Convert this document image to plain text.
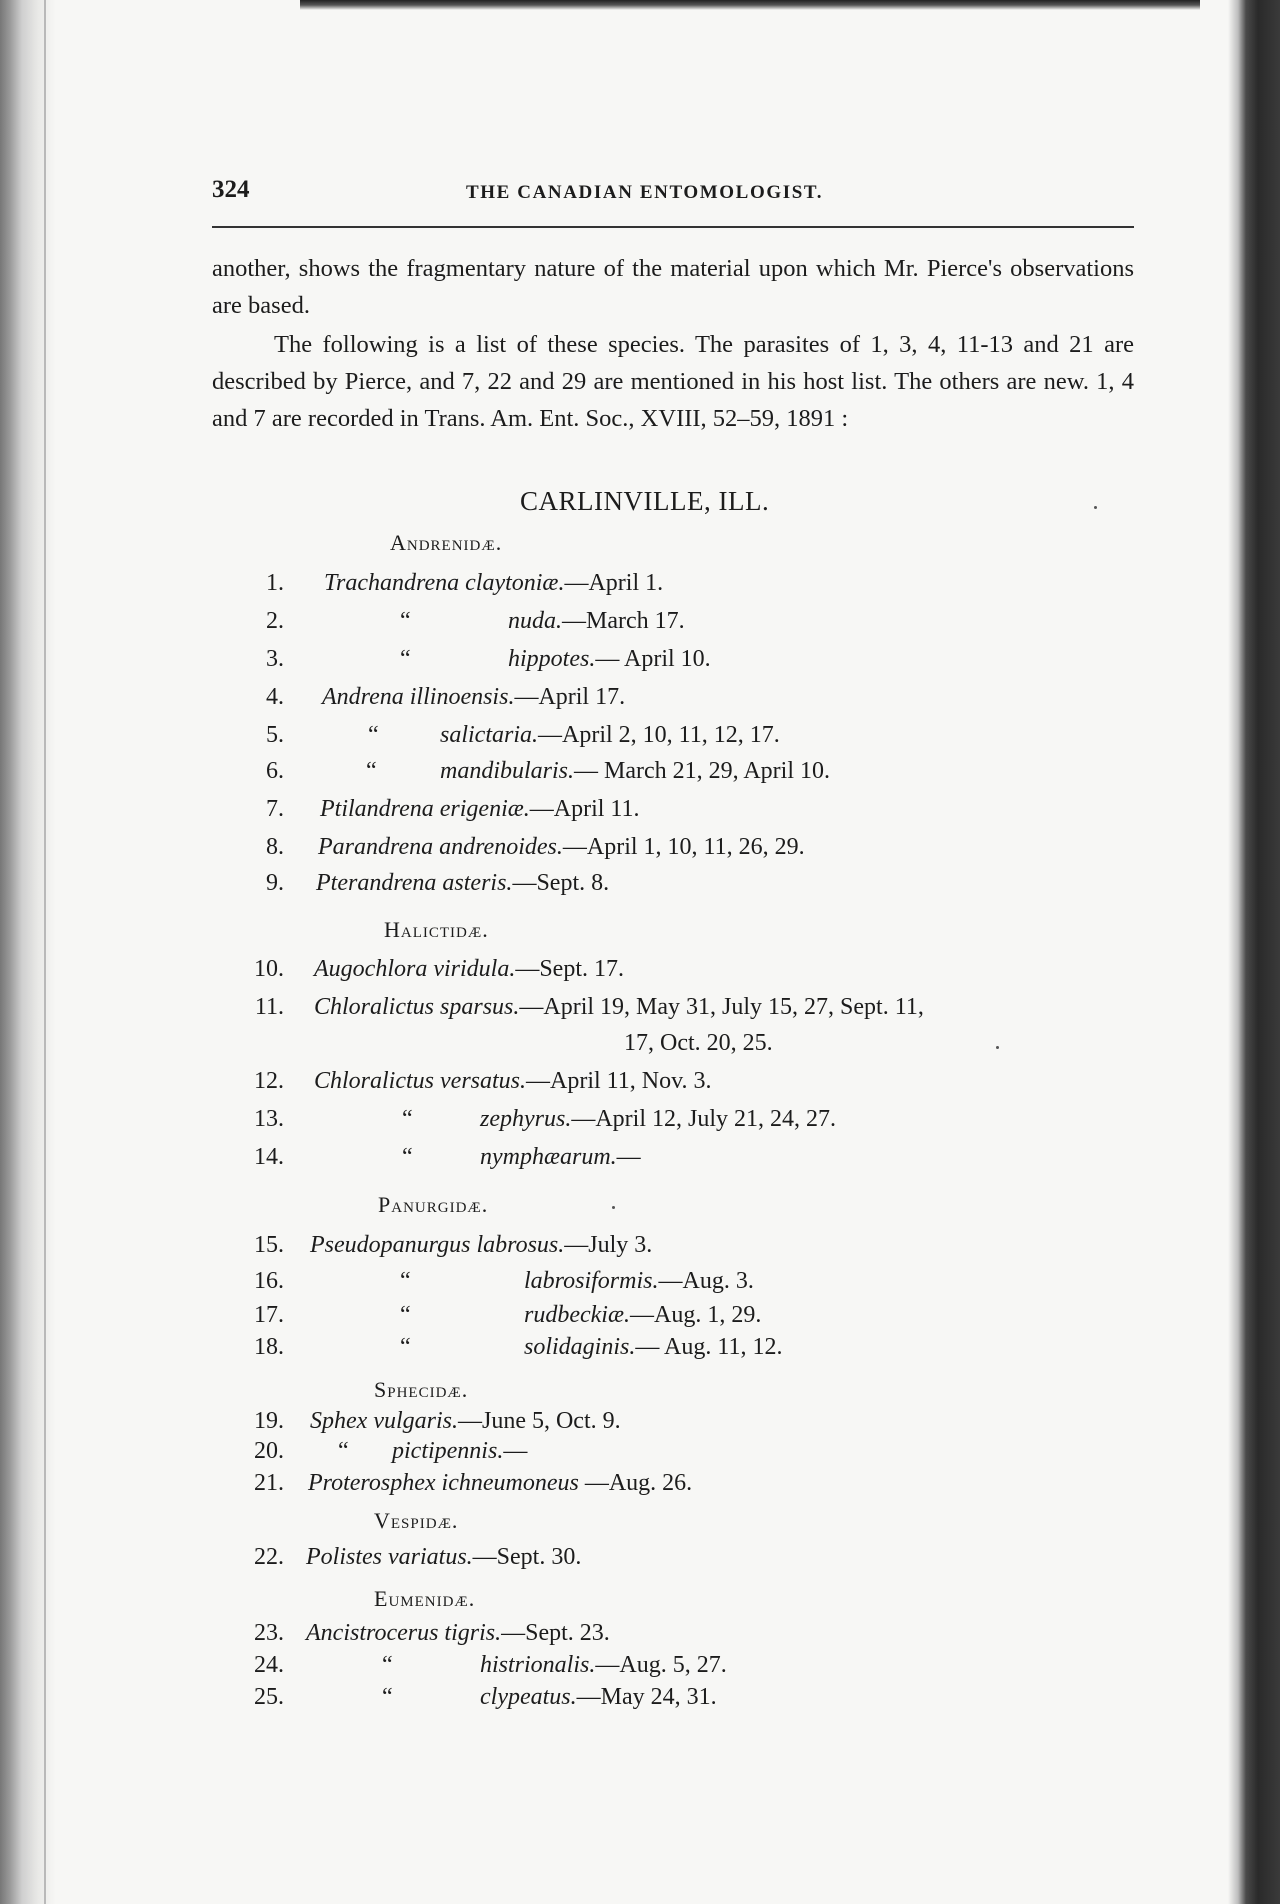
324	THE CANADIAN ENTOMOLOGIST.

another, shows the fragmentary nature of the material upon which Mr. Pierce's observations are based.

The following is a list of these species. The parasites of 1, 3, 4, 11-13 and 21 are described by Pierce, and 7, 22 and 29 are mentioned in his host list. The others are new. 1, 4 and 7 are recorded in Trans. Am. Ent. Soc., XVIII, 52–59, 1891 :

CARLINVILLE, ILL.
Andrenidæ.
Halictidæ.
Panurgidæ.
Sphecidæ.
Vespidæ.
Eumenidæ.
1. Trachandrena claytoniæ.—April 1.
2.	“	nuda.—March 17.
3.	“	hippotes.— April 10.
4. Andrena illinoensis.—April 17.
5.	“	salictaria.—April 2, 10, 11, 12, 17.
6.	“	mandibularis.— March 21, 29, April 10.
7. Ptilandrena erigeniæ.—April 11.
8. Parandrena andrenoides.—April 1, 10, 11, 26, 29.
9. Pterandrena asteris.—Sept. 8.
10. Augochlora viridula.—Sept. 17.
11. Chloralictus sparsus.—April 19, May 31, July 15, 27, Sept. 11,
17, Oct. 20, 25.
12. Chloralictus versatus.—April 11, Nov. 3.
13.	“	zephyrus.—April 12, July 21, 24, 27.
14.	“	nymphæarum.—
15. Pseudopanurgus labrosus.—July 3.
16.	“	labrosiformis.—Aug. 3.
17.	“	rudbeckiæ.—Aug. 1, 29.
18.	“	solidaginis.— Aug. 11, 12.
19. Sphex vulgaris.—June 5, Oct. 9.
20. “ pictipennis.—
21. Proterosphex ichneumoneus —Aug. 26.
22. Polistes variatus.—Sept. 30.
23. Ancistrocerus tigris.—Sept. 23.
24.	“	histrionalis.—Aug. 5, 27.
25.	“	clypeatus.—May 24, 31.
